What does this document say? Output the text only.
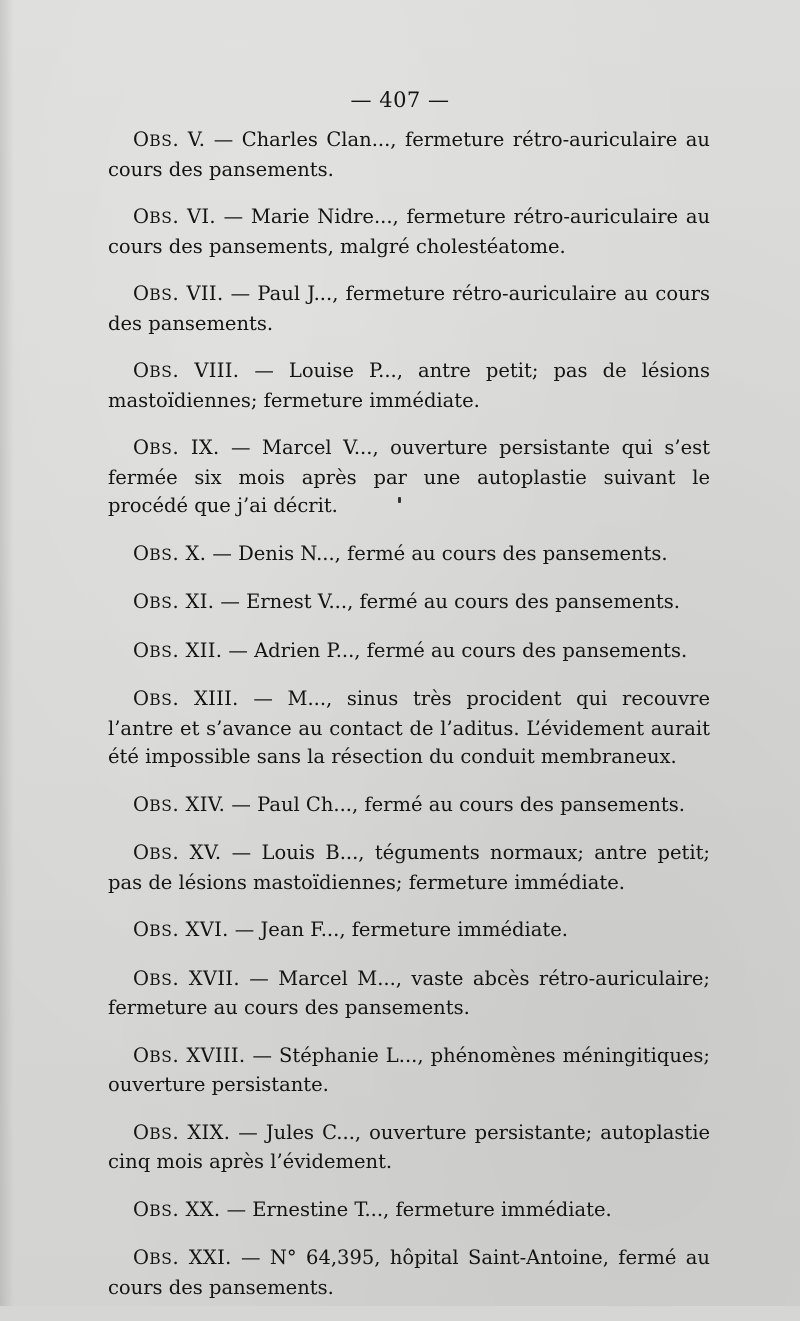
— 407 —

OBS. V. — Charles Clan..., fermeture rétro-auriculaire au cours des pansements.

OBS. VI. — Marie Nidre..., fermeture rétro-auriculaire au cours des pansements, malgré cholestéatome.

OBS. VII. — Paul J..., fermeture rétro-auriculaire au cours des pansements.

OBS. VIII. — Louise P..., antre petit; pas de lésions mastoïdiennes; fermeture immédiate.

OBS. IX. — Marcel V..., ouverture persistante qui s’est fermée six mois après par une autoplastie suivant le procédé que j’ai décrit.

OBS. X. — Denis N..., fermé au cours des pansements.

OBS. XI. — Ernest V..., fermé au cours des pansements.

OBS. XII. — Adrien P..., fermé au cours des pansements.

OBS. XIII. — M..., sinus très procident qui recouvre l’antre et s’avance au contact de l’aditus. L’évidement aurait été impossible sans la résection du conduit membraneux.

OBS. XIV. — Paul Ch..., fermé au cours des pansements.

OBS. XV. — Louis B..., téguments normaux; antre petit; pas de lésions mastoïdiennes; fermeture immédiate.

OBS. XVI. — Jean F..., fermeture immédiate.

OBS. XVII. — Marcel M..., vaste abcès rétro-auriculaire; fermeture au cours des pansements.

OBS. XVIII. — Stéphanie L..., phénomènes méningitiques; ouverture persistante.

OBS. XIX. — Jules C..., ouverture persistante; autoplastie cinq mois après l’évidement.

OBS. XX. — Ernestine T..., fermeture immédiate.

OBS. XXI. — N° 64,395, hôpital Saint-Antoine, fermé au cours des pansements.
